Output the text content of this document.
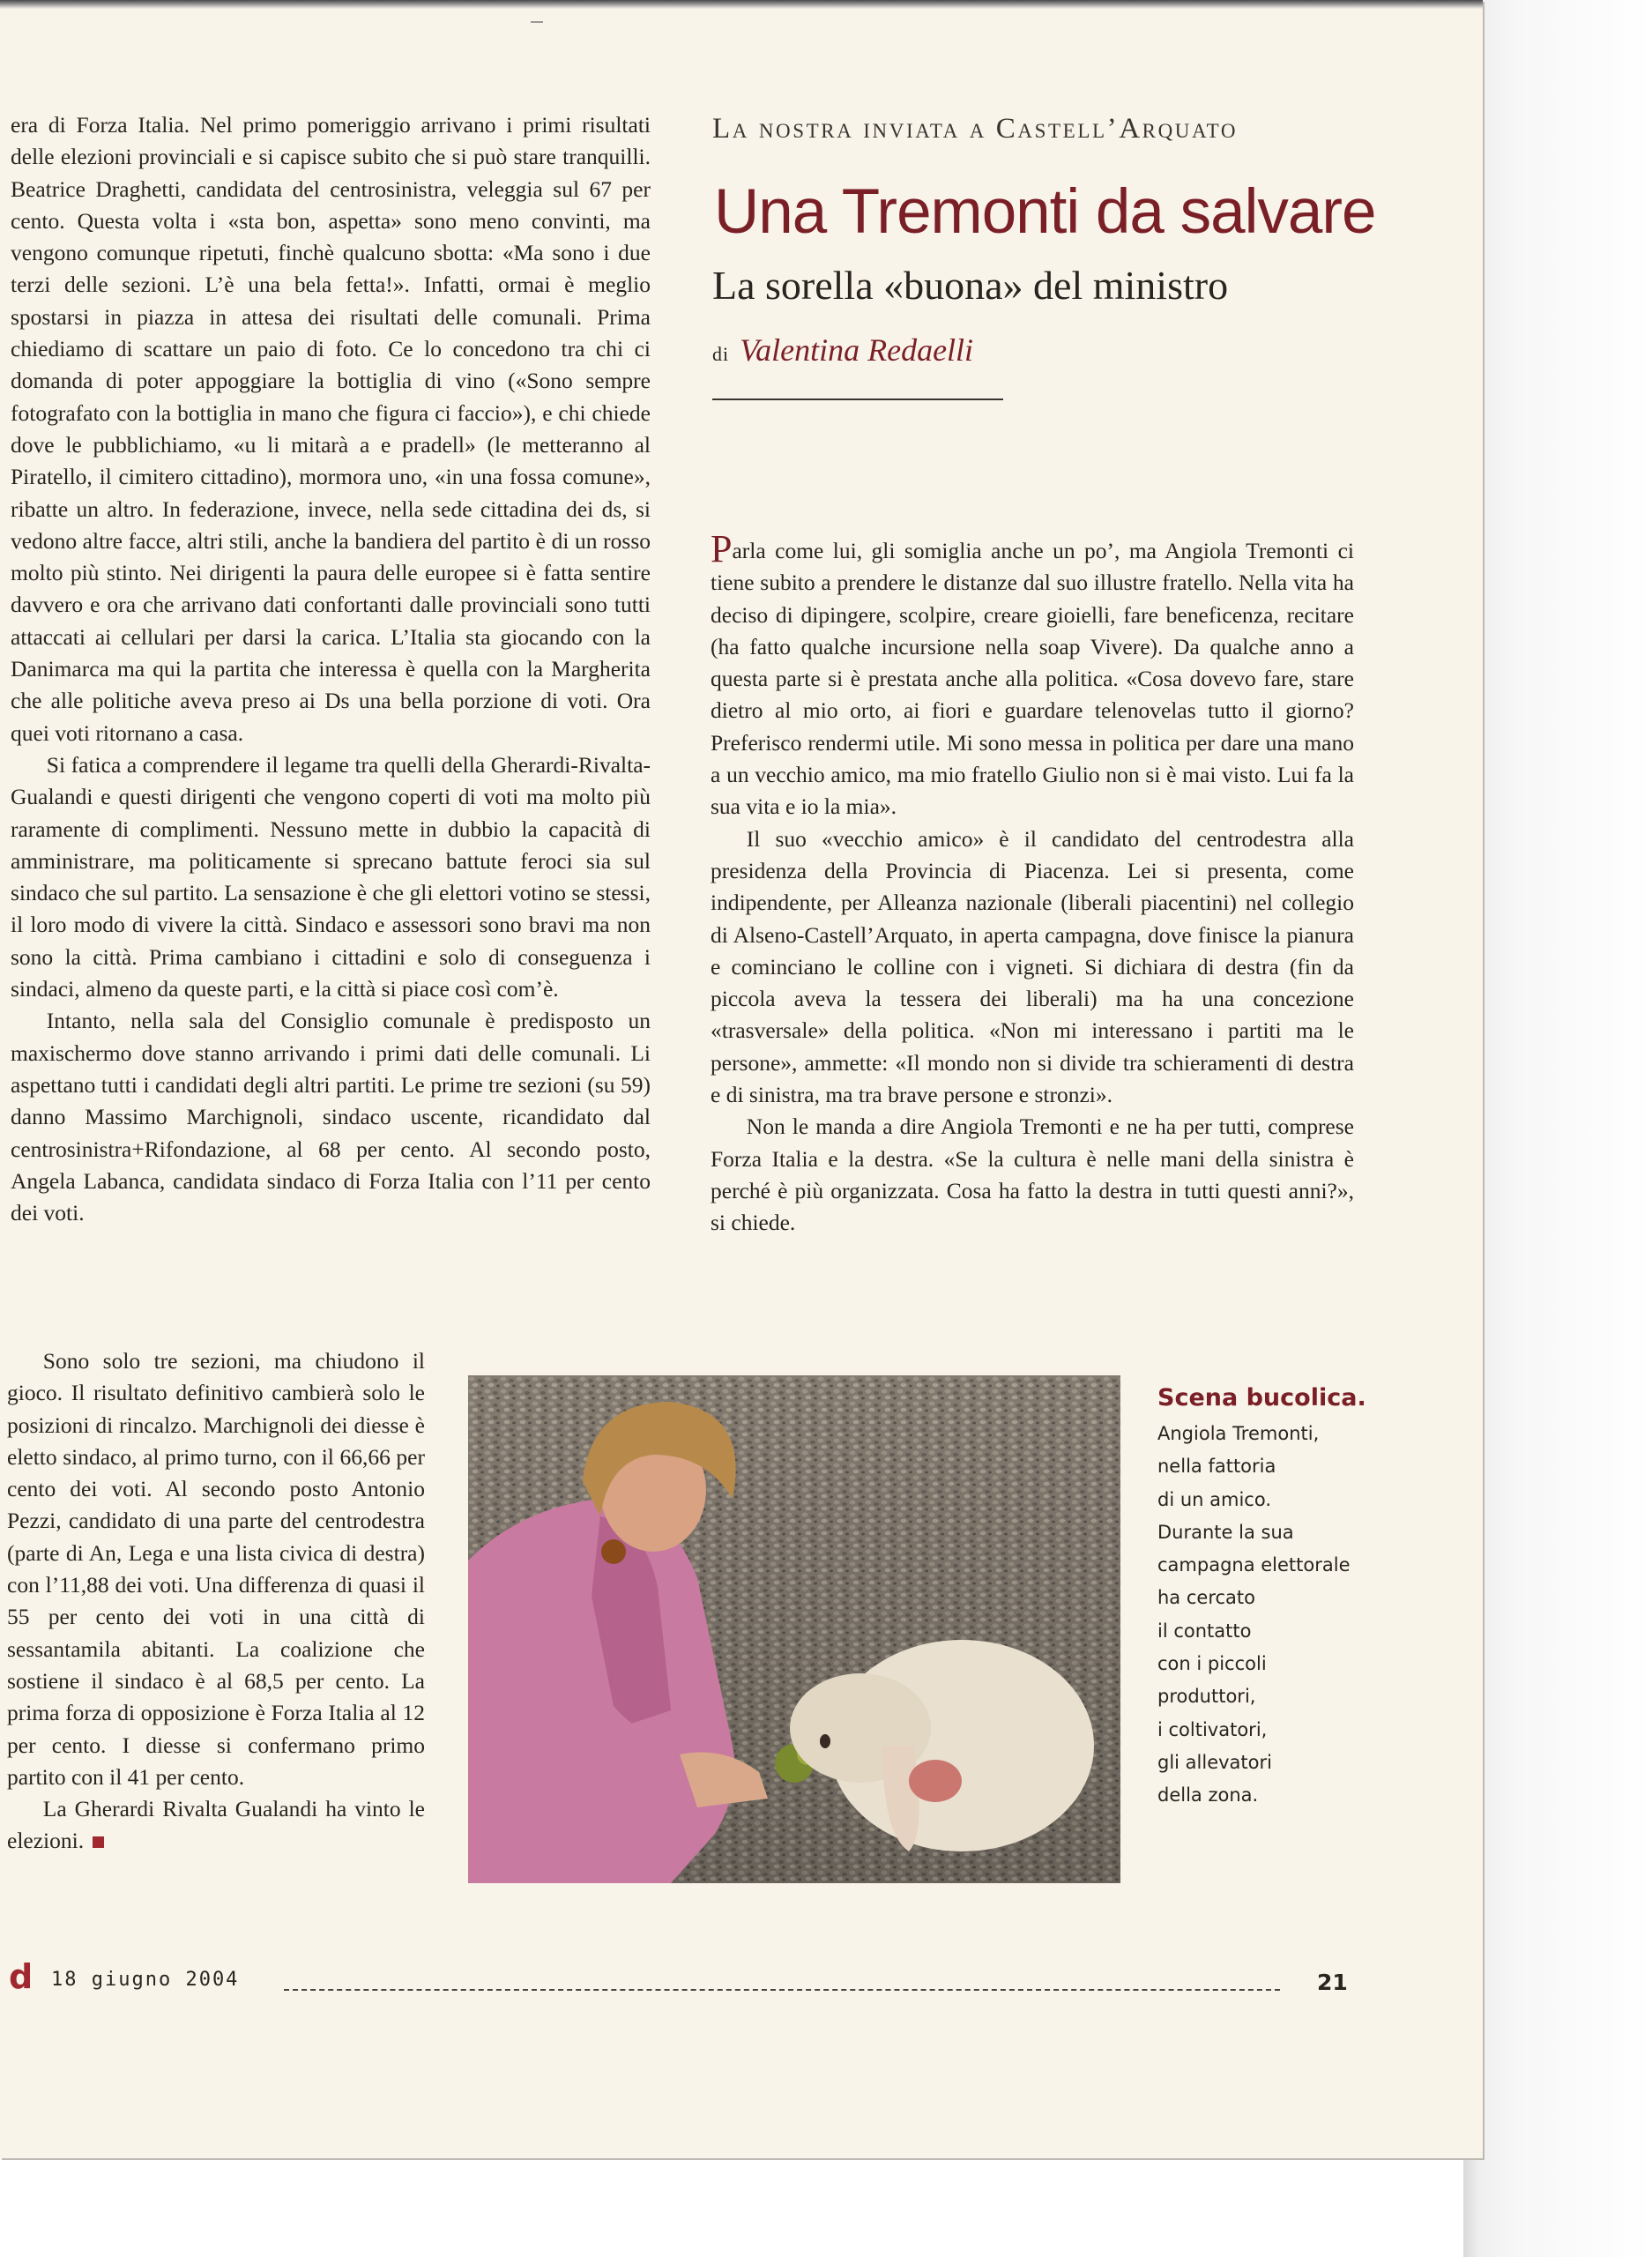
era di Forza Italia. Nel primo pomeriggio arrivano i primi risultati delle elezioni provinciali e si capisce subito che si può stare tranquilli. Beatrice Draghetti, candidata del centrosinistra, veleggia sul 67 per cento. Questa volta i «sta bon, aspetta» sono meno convinti, ma vengono comunque ripetuti, finchè qualcuno sbotta: «Ma sono i due terzi delle sezioni. L’è una bela fetta!». Infatti, ormai è meglio spostarsi in piazza in attesa dei risultati delle comunali. Prima chiediamo di scattare un paio di foto. Ce lo concedono tra chi ci domanda di poter appoggiare la bottiglia di vino («Sono sempre fotografato con la bottiglia in mano che figura ci faccio»), e chi chiede dove le pubblichiamo, «u li mitarà a e pradell» (le metteranno al Piratello, il cimitero cittadino), mormora uno, «in una fossa comune», ribatte un altro. In federazione, invece, nella sede cittadina dei ds, si vedono altre facce, altri stili, anche la bandiera del partito è di un rosso molto più stinto. Nei dirigenti la paura delle europee si è fatta sentire davvero e ora che arrivano dati confortanti dalle provinciali sono tutti attaccati ai cellulari per darsi la carica. L’Italia sta giocando con la Danimarca ma qui la partita che interessa è quella con la Margherita che alle politiche aveva preso ai Ds una bella porzione di voti. Ora quei voti ritornano a casa.

Si fatica a comprendere il legame tra quelli della Gherardi-Rivalta-Gualandi e questi dirigenti che vengono coperti di voti ma molto più raramente di complimenti. Nessuno mette in dubbio la capacità di amministrare, ma politicamente si sprecano battute feroci sia sul sindaco che sul partito. La sensazione è che gli elettori votino se stessi, il loro modo di vivere la città. Sindaco e assessori sono bravi ma non sono la città. Prima cambiano i cittadini e solo di conseguenza i sindaci, almeno da queste parti, e la città si piace così com’è.

Intanto, nella sala del Consiglio comunale è predisposto un maxischermo dove stanno arrivando i primi dati delle comunali. Li aspettano tutti i candidati degli altri partiti. Le prime tre sezioni (su 59) danno Massimo Marchignoli, sindaco uscente, ricandidato dal centrosinistra+Rifondazione, al 68 per cento. Al secondo posto, Angela Labanca, candidata sindaco di Forza Italia con l’11 per cento dei voti.

Sono solo tre sezioni, ma chiudono il gioco. Il risultato definitivo cambierà solo le posizioni di rincalzo. Marchignoli dei diesse è eletto sindaco, al primo turno, con il 66,66 per cento dei voti. Al secondo posto Antonio Pezzi, candidato di una parte del centrodestra (parte di An, Lega e una lista civica di destra) con l’11,88 dei voti. Una differenza di quasi il 55 per cento dei voti in una città di sessantamila abitanti. La coalizione che sostiene il sindaco è al 68,5 per cento. La prima forza di opposizione è Forza Italia al 12 per cento. I diesse si confermano primo partito con il 41 per cento.

La Gherardi Rivalta Gualandi ha vinto le elezioni.

La nostra inviata a Castell’Arquato
Una Tremonti da salvare
La sorella «buona» del ministro
di Valentina Redaelli

Parla come lui, gli somiglia anche un po’, ma Angiola Tremonti ci tiene subito a prendere le distanze dal suo illustre fratello. Nella vita ha deciso di dipingere, scolpire, creare gioielli, fare beneficenza, recitare (ha fatto qualche incursione nella soap Vivere). Da qualche anno a questa parte si è prestata anche alla politica. «Cosa dovevo fare, stare dietro al mio orto, ai fiori e guardare telenovelas tutto il giorno? Preferisco rendermi utile. Mi sono messa in politica per dare una mano a un vecchio amico, ma mio fratello Giulio non si è mai visto. Lui fa la sua vita e io la mia».

Il suo «vecchio amico» è il candidato del centrodestra alla presidenza della Provincia di Piacenza. Lei si presenta, come indipendente, per Alleanza nazionale (liberali piacentini) nel collegio di Alseno-Castell’Arquato, in aperta campagna, dove finisce la pianura e cominciano le colline con i vigneti. Si dichiara di destra (fin da piccola aveva la tessera dei liberali) ma ha una concezione «trasversale» della politica. «Non mi interessano i partiti ma le persone», ammette: «Il mondo non si divide tra schieramenti di destra e di sinistra, ma tra brave persone e stronzi».

Non le manda a dire Angiola Tremonti e ne ha per tutti, comprese Forza Italia e la destra. «Se la cultura è nelle mani della sinistra è perché è più organizzata. Cosa ha fatto la destra in tutti questi anni?», si chiede.

Scena bucolica.
Angiola Tremonti,
nella fattoria
di un amico.
Durante la sua
campagna elettorale
ha cercato
il contatto
con i piccoli
produttori,
i coltivatori,
gli allevatori
della zona.
d 18 giugno 2004	21
